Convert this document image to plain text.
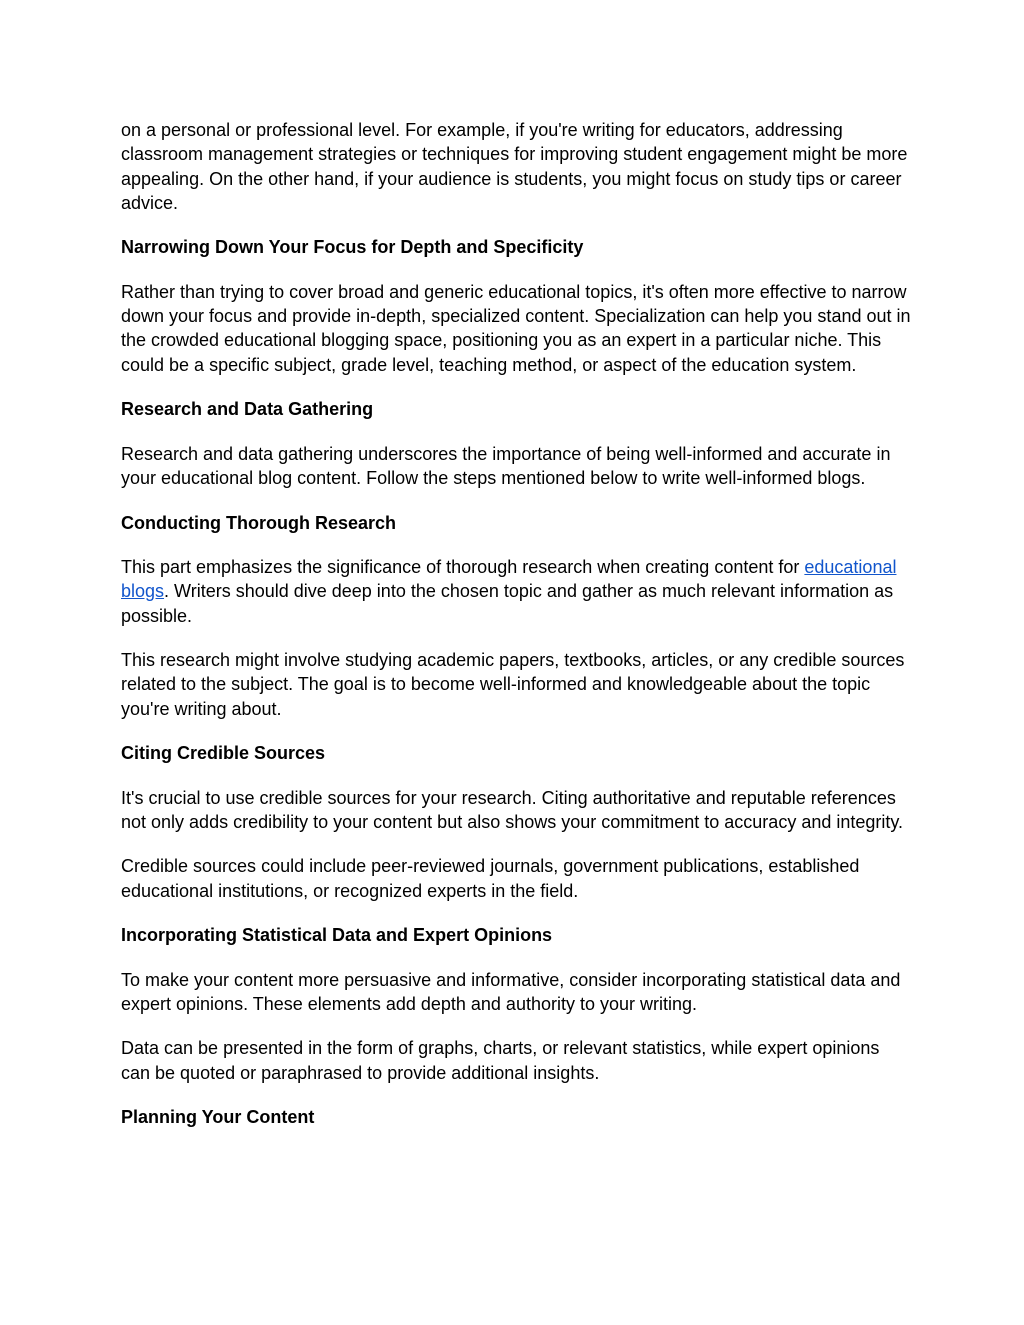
on a personal or professional level. For example, if you're writing for educators, addressing classroom management strategies or techniques for improving student engagement might be more appealing. On the other hand, if your audience is students, you might focus on study tips or career advice.

Narrowing Down Your Focus for Depth and Specificity

Rather than trying to cover broad and generic educational topics, it's often more effective to narrow down your focus and provide in-depth, specialized content. Specialization can help you stand out in the crowded educational blogging space, positioning you as an expert in a particular niche. This could be a specific subject, grade level, teaching method, or aspect of the education system.

Research and Data Gathering

Research and data gathering underscores the importance of being well-informed and accurate in your educational blog content. Follow the steps mentioned below to write well-informed blogs.

Conducting Thorough Research

This part emphasizes the significance of thorough research when creating content for educational blogs. Writers should dive deep into the chosen topic and gather as much relevant information as possible.

This research might involve studying academic papers, textbooks, articles, or any credible sources related to the subject. The goal is to become well-informed and knowledgeable about the topic you're writing about.

Citing Credible Sources

It's crucial to use credible sources for your research. Citing authoritative and reputable references not only adds credibility to your content but also shows your commitment to accuracy and integrity.

Credible sources could include peer-reviewed journals, government publications, established educational institutions, or recognized experts in the field.

Incorporating Statistical Data and Expert Opinions

To make your content more persuasive and informative, consider incorporating statistical data and expert opinions. These elements add depth and authority to your writing.

Data can be presented in the form of graphs, charts, or relevant statistics, while expert opinions can be quoted or paraphrased to provide additional insights.

Planning Your Content
